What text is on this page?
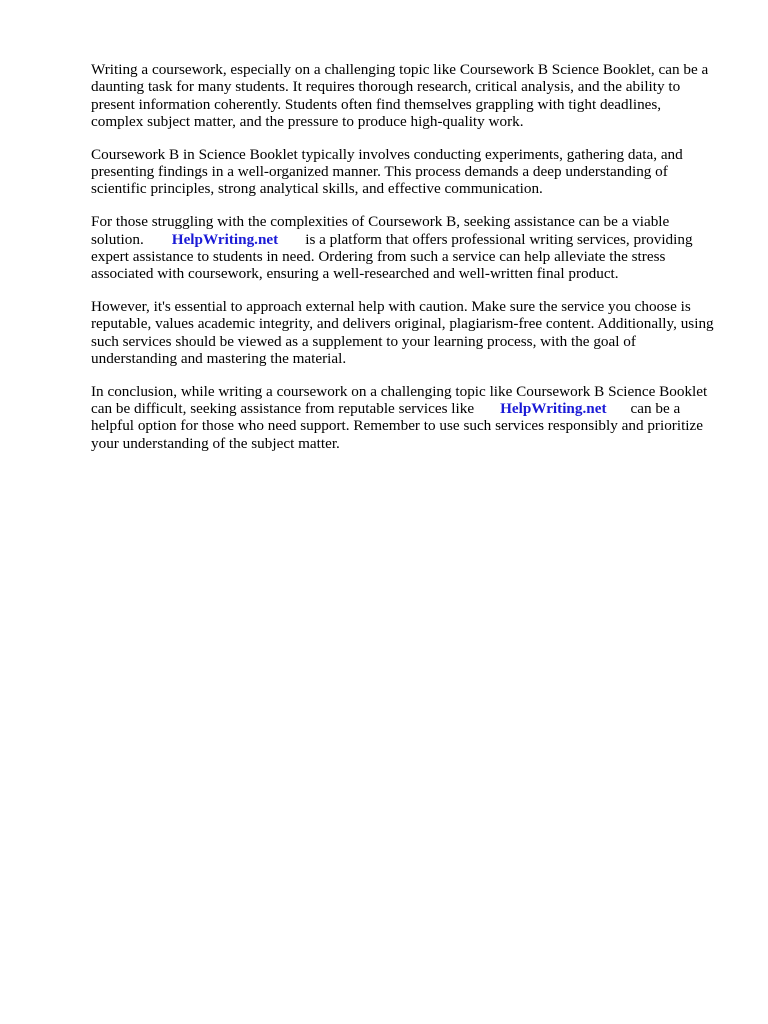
Writing a coursework, especially on a challenging topic like Coursework B Science Booklet, can be a
daunting task for many students. It requires thorough research, critical analysis, and the ability to
present information coherently. Students often find themselves grappling with tight deadlines,
complex subject matter, and the pressure to produce high-quality work.

Coursework B in Science Booklet typically involves conducting experiments, gathering data, and
presenting findings in a well-organized manner. This process demands a deep understanding of
scientific principles, strong analytical skills, and effective communication.

For those struggling with the complexities of Coursework B, seeking assistance can be a viable
solution. HelpWriting.net is a platform that offers professional writing services, providing
expert assistance to students in need. Ordering from such a service can help alleviate the stress
associated with coursework, ensuring a well-researched and well-written final product.

However, it's essential to approach external help with caution. Make sure the service you choose is
reputable, values academic integrity, and delivers original, plagiarism-free content. Additionally, using
such services should be viewed as a supplement to your learning process, with the goal of
understanding and mastering the material.

In conclusion, while writing a coursework on a challenging topic like Coursework B Science Booklet
can be difficult, seeking assistance from reputable services like HelpWriting.net can be a
helpful option for those who need support. Remember to use such services responsibly and prioritize
your understanding of the subject matter.
